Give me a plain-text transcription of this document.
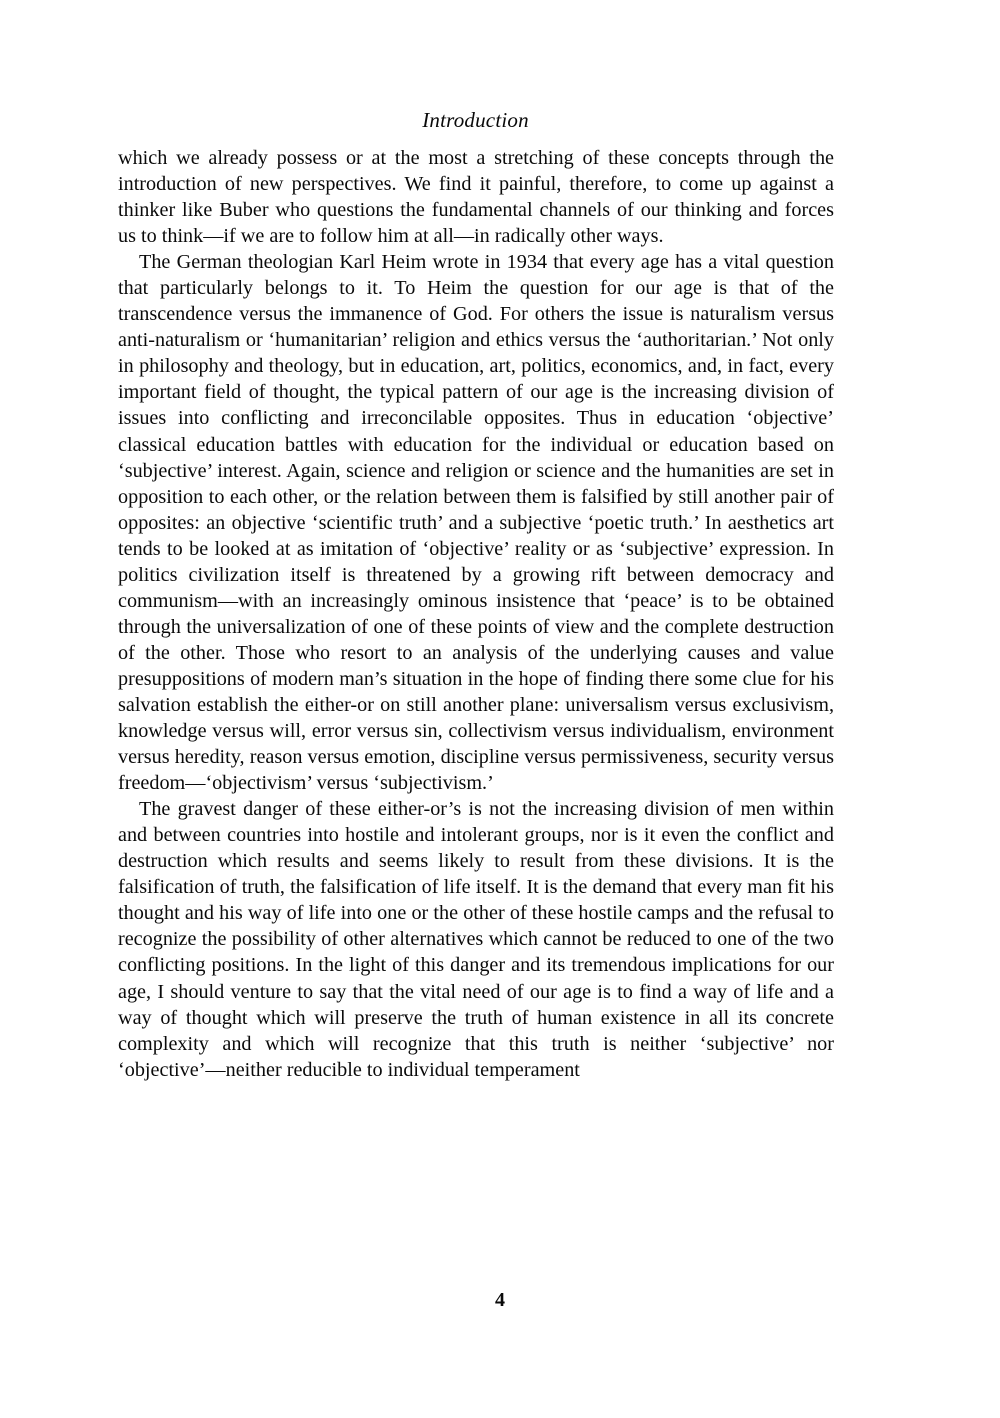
Introduction

which we already possess or at the most a stretching of these concepts through the introduction of new perspectives. We find it painful, therefore, to come up against a thinker like Buber who questions the fundamental channels of our thinking and forces us to think—if we are to follow him at all—in radically other ways.

The German theologian Karl Heim wrote in 1934 that every age has a vital question that particularly belongs to it. To Heim the question for our age is that of the transcendence versus the immanence of God. For others the issue is naturalism versus anti-naturalism or ‘humanitarian’ religion and ethics versus the ‘authoritarian.’ Not only in philosophy and theology, but in education, art, politics, economics, and, in fact, every important field of thought, the typical pattern of our age is the increasing division of issues into conflicting and irreconcilable opposites. Thus in education ‘objective’ classical education battles with education for the individual or education based on ‘subjective’ interest. Again, science and religion or science and the humanities are set in opposition to each other, or the relation between them is falsified by still another pair of opposites: an objective ‘scientific truth’ and a subjective ‘poetic truth.’ In aesthetics art tends to be looked at as imitation of ‘objective’ reality or as ‘subjective’ expression. In politics civilization itself is threatened by a growing rift between democracy and communism—with an increasingly ominous insistence that ‘peace’ is to be obtained through the universalization of one of these points of view and the complete destruction of the other. Those who resort to an analysis of the underlying causes and value presuppositions of modern man’s situation in the hope of finding there some clue for his salvation establish the either-or on still another plane: universalism versus exclusivism, knowledge versus will, error versus sin, collectivism versus individualism, environment versus heredity, reason versus emotion, discipline versus permissiveness, security versus freedom—‘objectivism’ versus ‘subjectivism.’

The gravest danger of these either-or’s is not the increasing division of men within and between countries into hostile and intolerant groups, nor is it even the conflict and destruction which results and seems likely to result from these divisions. It is the falsification of truth, the falsification of life itself. It is the demand that every man fit his thought and his way of life into one or the other of these hostile camps and the refusal to recognize the possibility of other alternatives which cannot be reduced to one of the two conflicting positions. In the light of this danger and its tremendous implications for our age, I should venture to say that the vital need of our age is to find a way of life and a way of thought which will preserve the truth of human existence in all its concrete complexity and which will recognize that this truth is neither ‘subjective’ nor ‘objective’—neither reducible to individual temperament

4
